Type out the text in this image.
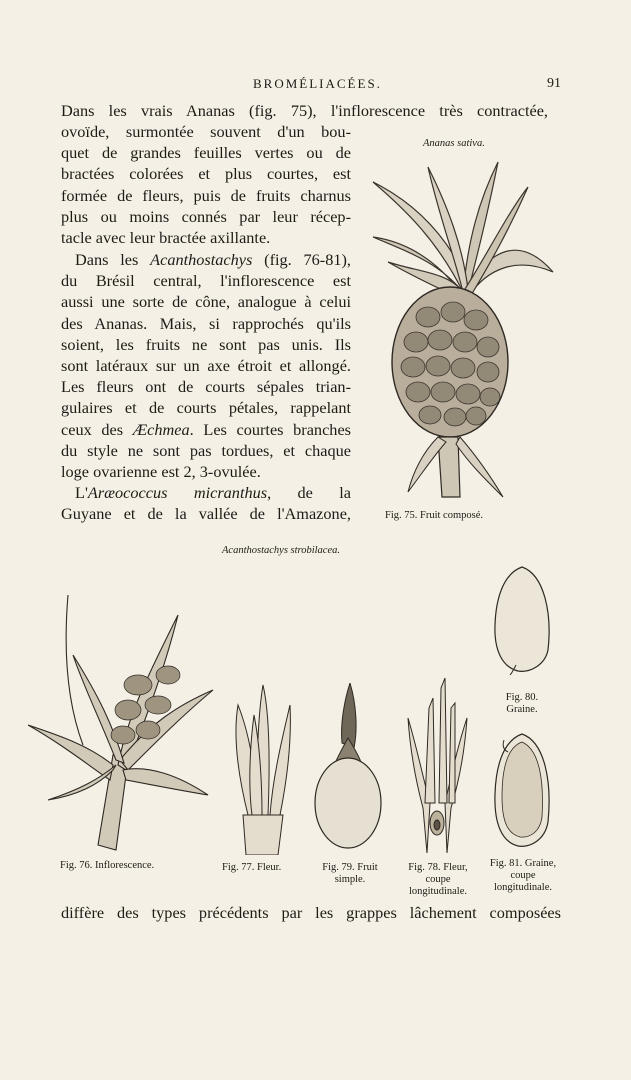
BROMÉLIACÉES.	91
Dans les vrais Ananas (fig. 75), l'inflorescence très contractée,
ovoïde, surmontée souvent d'un bou-
quet de grandes feuilles vertes ou de
bractées colorées et plus courtes, est
formée de fleurs, puis de fruits charnus
plus ou moins connés par leur récep-
tacle avec leur bractée axillante.
Dans les Acanthostachys (fig. 76-81),
du Brésil central, l'inflorescence est
aussi une sorte de cône, analogue à celui
des Ananas. Mais, si rapprochés qu'ils
soient, les fruits ne sont pas unis. Ils
sont latéraux sur un axe étroit et allongé.
Les fleurs ont de courts sépales trian-
gulaires et de courts pétales, rappelant
ceux des Æchmea. Les courtes branches
du style ne sont pas tordues, et chaque
loge ovarienne est 2, 3-ovulée.
L'Aræococcus micranthus, de la
Guyane et de la vallée de l'Amazone,
Ananas sativa.
Fig. 75. Fruit composé.
Acanthostachys strobilacea.
Fig. 76. Inflorescence.	Fig. 77. Fleur.	Fig. 79. Fruit
simple.
Fig. 78. Fleur,
coupe
longitudinale.
Fig. 80.
Graine.
Fig. 81. Graine,
coupe
longitudinale.
diffère des types précédents par les grappes lâchement composées
